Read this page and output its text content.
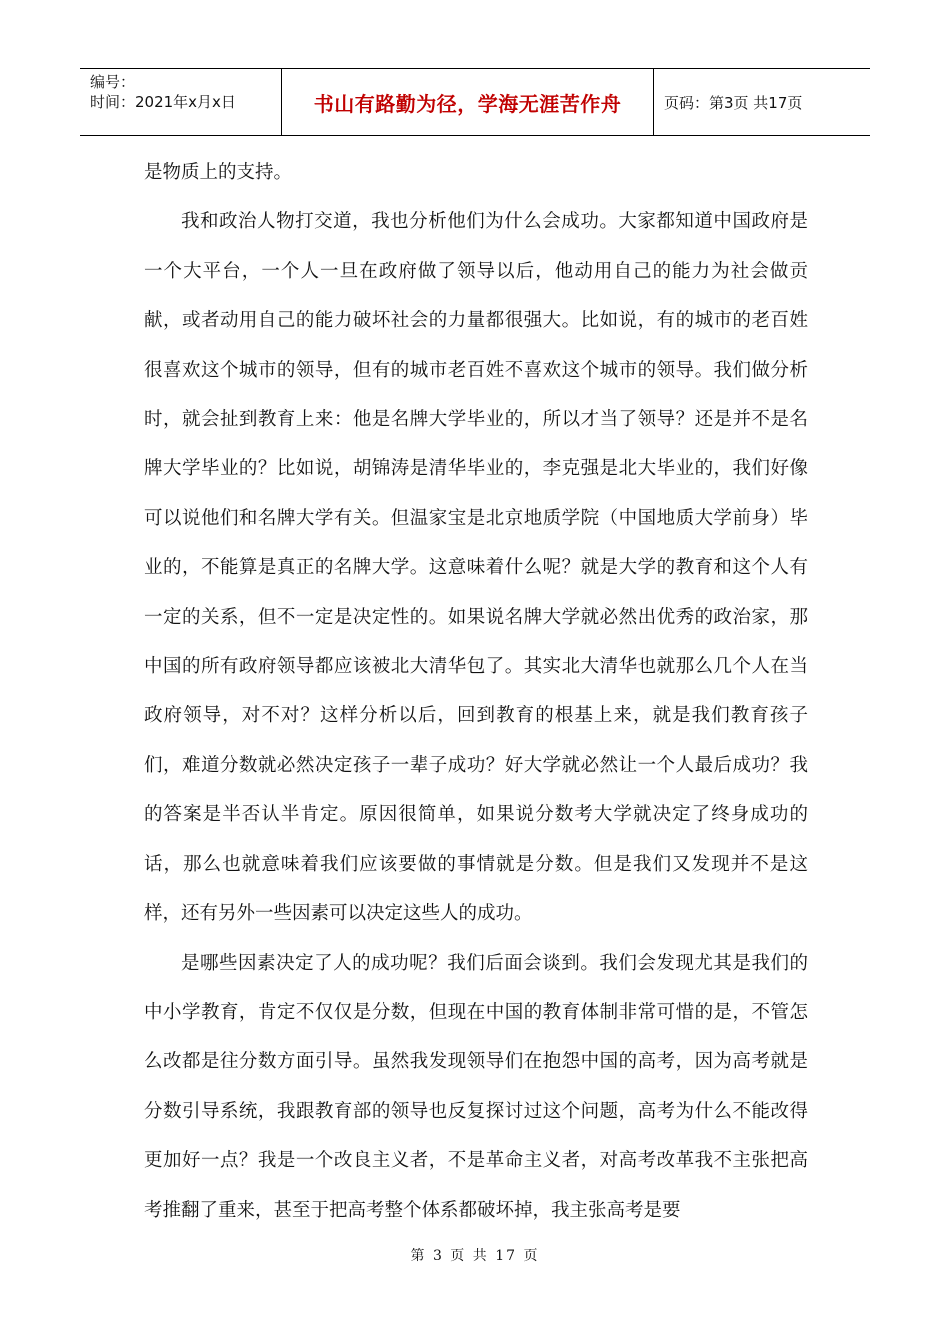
编号：
时间：2021年x月x日	书山有路勤为径，学海无涯苦作舟	页码：第3页 共17页

是物质上的支持。

我和政治人物打交道，我也分析他们为什么会成功。大家都知道中国政府是一个大平台，一个人一旦在政府做了领导以后，他动用自己的能力为社会做贡献，或者动用自己的能力破坏社会的力量都很强大。比如说，有的城市的老百姓很喜欢这个城市的领导，但有的城市老百姓不喜欢这个城市的领导。我们做分析时，就会扯到教育上来：他是名牌大学毕业的，所以才当了领导？还是并不是名牌大学毕业的？比如说，胡锦涛是清华毕业的，李克强是北大毕业的，我们好像可以说他们和名牌大学有关。但温家宝是北京地质学院（中国地质大学前身）毕业的，不能算是真正的名牌大学。这意味着什么呢？就是大学的教育和这个人有一定的关系，但不一定是决定性的。如果说名牌大学就必然出优秀的政治家，那中国的所有政府领导都应该被北大清华包了。其实北大清华也就那么几个人在当政府领导，对不对？这样分析以后，回到教育的根基上来，就是我们教育孩子们，难道分数就必然决定孩子一辈子成功？好大学就必然让一个人最后成功？我的答案是半否认半肯定。原因很简单，如果说分数考大学就决定了终身成功的话，那么也就意味着我们应该要做的事情就是分数。但是我们又发现并不是这样，还有另外一些因素可以决定这些人的成功。

是哪些因素决定了人的成功呢？我们后面会谈到。我们会发现尤其是我们的中小学教育，肯定不仅仅是分数，但现在中国的教育体制非常可惜的是，不管怎么改都是往分数方面引导。虽然我发现领导们在抱怨中国的高考，因为高考就是分数引导系统，我跟教育部的领导也反复探讨过这个问题，高考为什么不能改得更加好一点？我是一个改良主义者，不是革命主义者，对高考改革我不主张把高考推翻了重来，甚至于把高考整个体系都破坏掉，我主张高考是要

第 3 页 共 17 页
